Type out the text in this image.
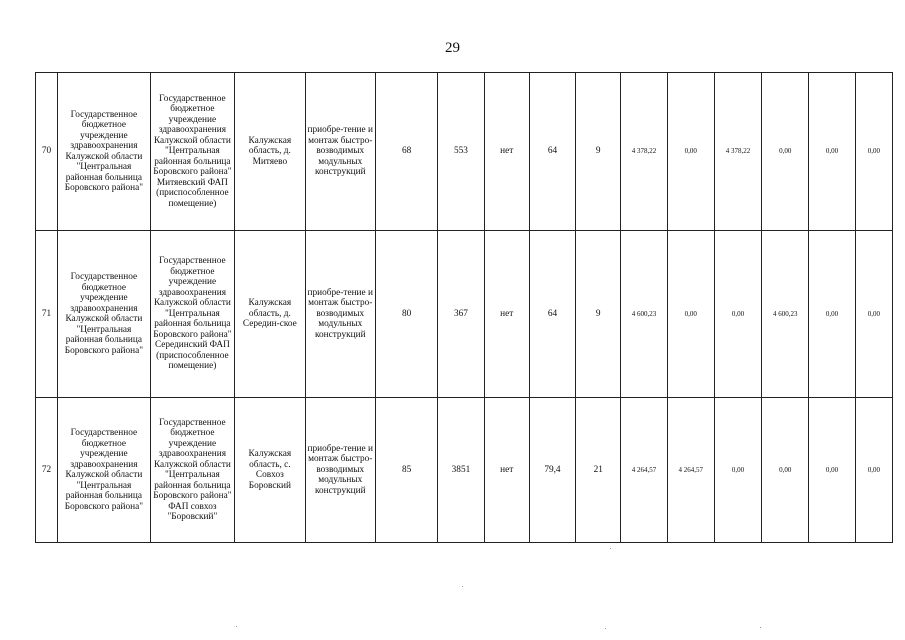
29
70	Государственное бюджетное учреждение здравоохранения Калужской области "Центральная районная больница Боровского района"	Государственное бюджетное учреждение здравоохранения Калужской области "Центральная районная больница Боровского района" Митяевский ФАП (приспособленное помещение)	Калужская область, д. Митяево	приобре-тение и монтаж быстро-возводимых модульных конструкций	68	553	нет	64	9	4 378,22	0,00	4 378,22	0,00	0,00	0,00
71	Государственное бюджетное учреждение здравоохранения Калужской области "Центральная районная больница Боровского района"	Государственное бюджетное учреждение здравоохранения Калужской области "Центральная районная больница Боровского района" Серединский ФАП (приспособленное помещение)	Калужская область, д. Середин-ское	приобре-тение и монтаж быстро-возводимых модульных конструкций	80	367	нет	64	9	4 600,23	0,00	0,00	4 600,23	0,00	0,00
72	Государственное бюджетное учреждение здравоохранения Калужской области "Центральная районная больница Боровского района"	Государственное бюджетное учреждение здравоохранения Калужской области "Центральная районная больница Боровского района" ФАП совхоз "Боровский"	Калужская область, с. Совхоз Боровский	приобре-тение и монтаж быстро-возводимых модульных конструкций	85	3851	нет	79,4	21	4 264,57	4 264,57	0,00	0,00	0,00	0,00
